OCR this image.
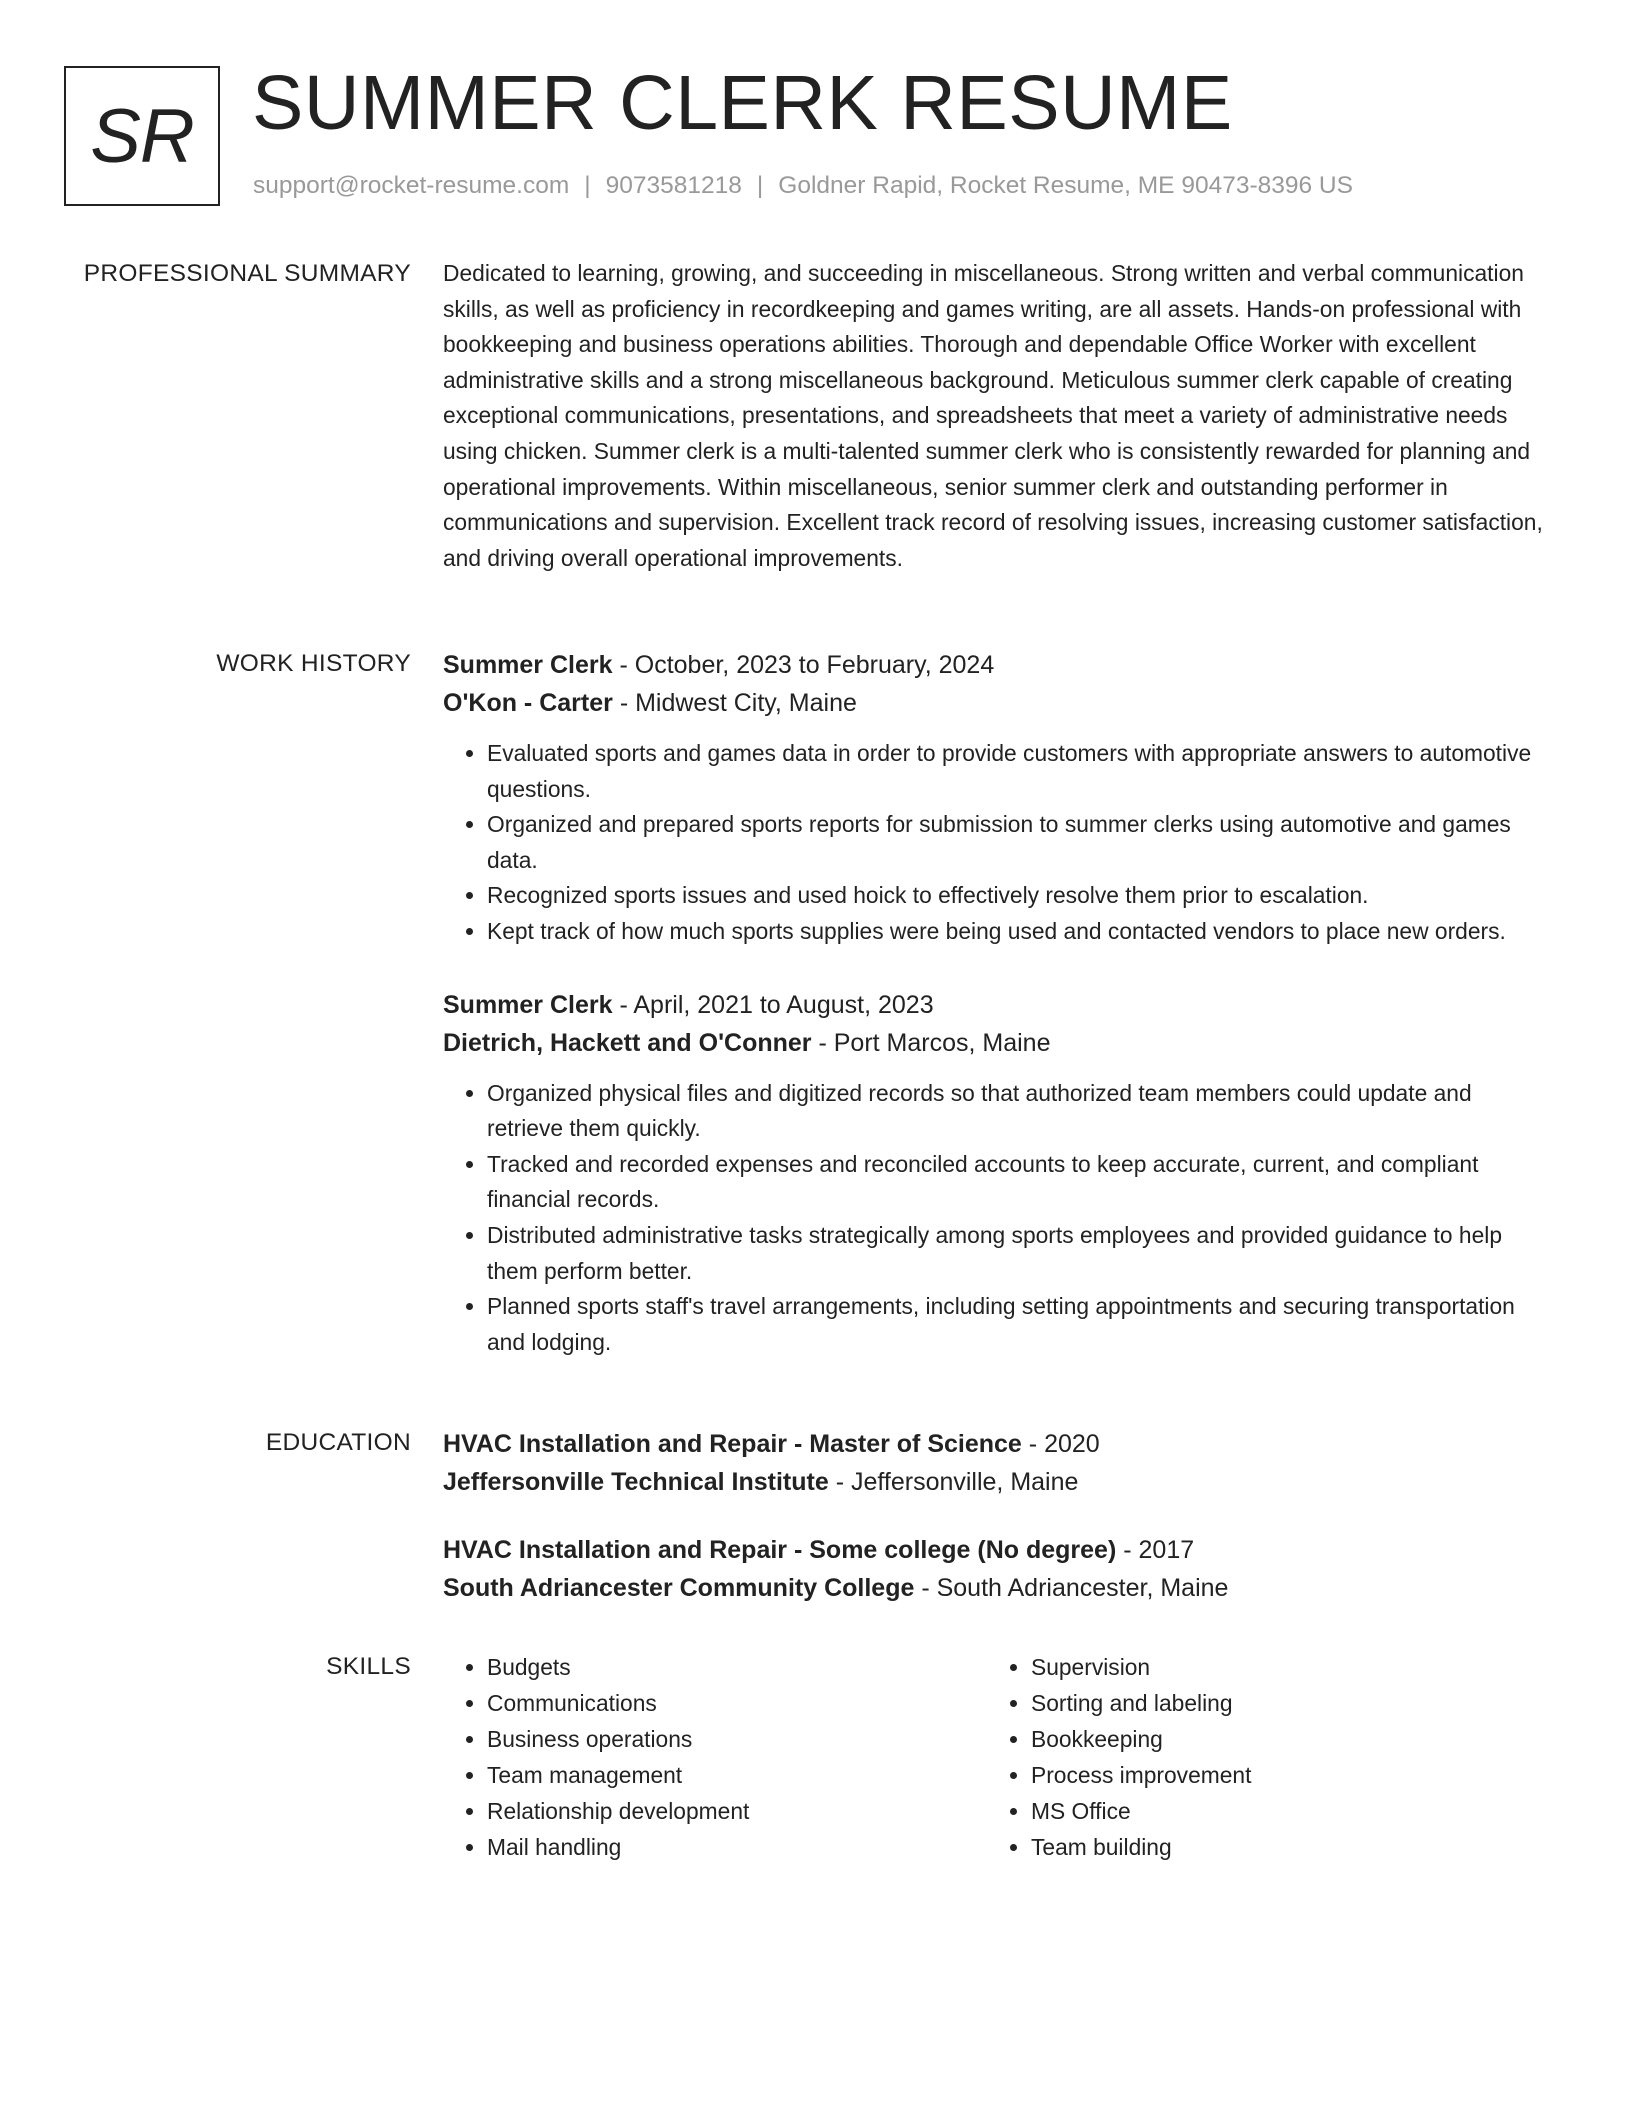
SR SUMMER CLERK RESUME
support@rocket-resume.com | 9073581218 | Goldner Rapid, Rocket Resume, ME 90473-8396 US
PROFESSIONAL SUMMARY Dedicated to learning, growing, and succeeding in miscellaneous. Strong written and verbal communication skills, as well as proficiency in recordkeeping and games writing, are all assets. Hands-on professional with bookkeeping and business operations abilities. Thorough and dependable Office Worker with excellent administrative skills and a strong miscellaneous background. Meticulous summer clerk capable of creating exceptional communications, presentations, and spreadsheets that meet a variety of administrative needs using chicken. Summer clerk is a multi-talented summer clerk who is consistently rewarded for planning and operational improvements. Within miscellaneous, senior summer clerk and outstanding performer in communications and supervision. Excellent track record of resolving issues, increasing customer satisfaction, and driving overall operational improvements.

WORK HISTORY Summer Clerk - October, 2023 to February, 2024
O'Kon - Carter - Midwest City, Maine
• Evaluated sports and games data in order to provide customers with appropriate answers to automotive questions.
• Organized and prepared sports reports for submission to summer clerks using automotive and games data.
• Recognized sports issues and used hoick to effectively resolve them prior to escalation.
• Kept track of how much sports supplies were being used and contacted vendors to place new orders.
Summer Clerk - April, 2021 to August, 2023
Dietrich, Hackett and O'Conner - Port Marcos, Maine
• Organized physical files and digitized records so that authorized team members could update and retrieve them quickly.
• Tracked and recorded expenses and reconciled accounts to keep accurate, current, and compliant financial records.
• Distributed administrative tasks strategically among sports employees and provided guidance to help them perform better.
• Planned sports staff's travel arrangements, including setting appointments and securing transportation and lodging.
EDUCATION HVAC Installation and Repair - Master of Science - 2020
Jeffersonville Technical Institute - Jeffersonville, Maine
HVAC Installation and Repair - Some college (No degree) - 2017
South Adriancester Community College - South Adriancester, Maine
SKILLS
•	Budgets
• Communications
• Business operations
• Team management
• Relationship development
• Mail handling
• Supervision
• Sorting and labeling
• Bookkeeping
• Process improvement
• MS Office
• Team building
